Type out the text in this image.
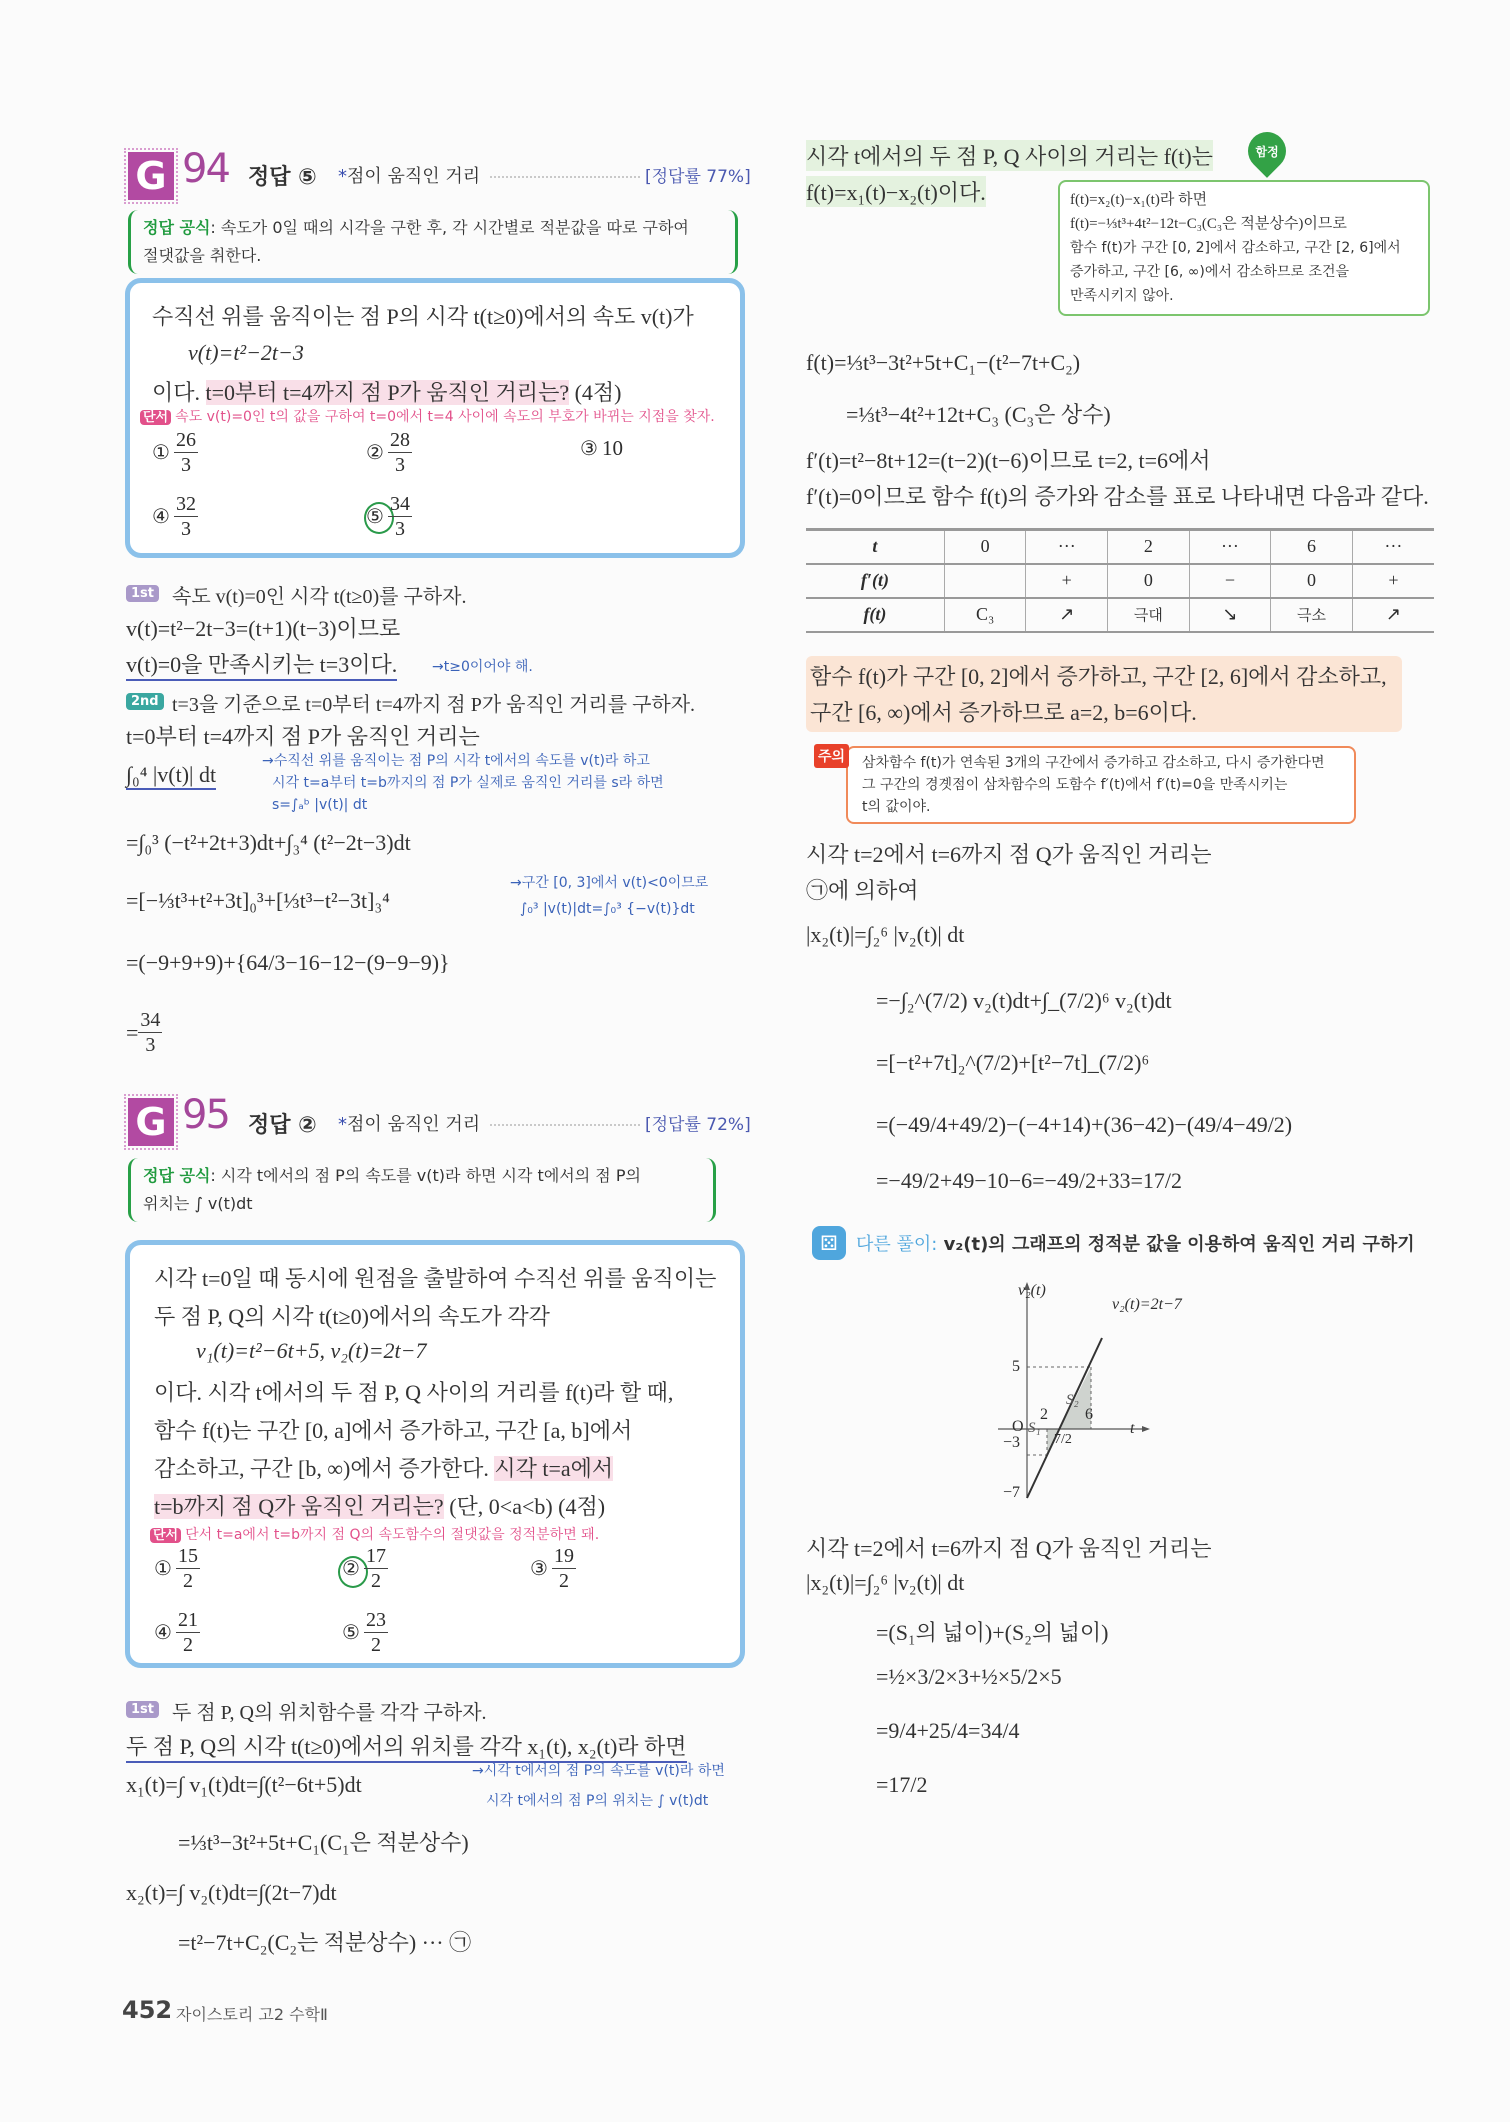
G 94 정답 ⑤ *점이 움직인 거리	[정답률 77%]
정답 공식: 속도가 0일 때의 시각을 구한 후, 각 시간별로 적분값을 따로 구하여
절댓값을 취한다.
수직선 위를 움직이는 점 P의 시각 t(t≥0)에서의 속도 v(t)가
v(t)=t²−2t−3
이다. t=0부터 t=4까지 점 P가 움직인 거리는? (4점)
단서 속도 v(t)=0인 t의 값을 구하여 t=0에서 t=4 사이에 속도의 부호가 바뀌는 지점을 찾자.
① $\frac{26}{3}$	② $\frac{28}{3}$	③ 10
④ $\frac{32}{3}$	⑤ $\frac{34}{3}$
1st 속도 v(t)=0인 시각 t(t≥0)를 구하자.
v(t)=t²−2t−3=(t+1)(t−3)이므로
v(t)=0을 만족시키는 t=3이다. →t≥0이어야 해.
2nd t=3을 기준으로 t=0부터 t=4까지 점 P가 움직인 거리를 구하자.
t=0부터 t=4까지 점 P가 움직인 거리는
∫₀⁴ |v(t)| dt
→수직선 위를 움직이는 점 P의 시각 t에서의 속도를 v(t)라 하고
시각 t=a부터 t=b까지의 점 P가 실제로 움직인 거리를 s라 하면
s=∫ₐᵇ |v(t)| dt
=∫₀³ (−t²+2t+3)dt+∫₃⁴ (t²−2t−3)dt
→구간 [0, 3]에서 v(t)<0이므로
∫₀³ |v(t)|dt=∫₀³ {−v(t)}dt
=[−⅓t³+t²+3t]₀³+[⅓t³−t²−3t]₃⁴
=(−9+9+9)+{64/3−16−12−(9−9−9)}
= $\frac{34}{3}$
G 95 정답 ② *점이 움직인 거리	[정답률 72%]
정답 공식: 시각 t에서의 점 P의 속도를 v(t)라 하면 시각 t에서의 점 P의
위치는 ∫ v(t)dt
시각 t=0일 때 동시에 원점을 출발하여 수직선 위를 움직이는
두 점 P, Q의 시각 t(t≥0)에서의 속도가 각각
v₁(t)=t²−6t+5, v₂(t)=2t−7
이다. 시각 t에서의 두 점 P, Q 사이의 거리를 f(t)라 할 때,
함수 f(t)는 구간 [0, a]에서 증가하고, 구간 [a, b]에서
감소하고, 구간 [b, ∞)에서 증가한다. 시각 t=a에서
t=b까지 점 Q가 움직인 거리는? (단, 0<a<b) (4점)
단서 단서 t=a에서 t=b까지 점 Q의 속도함수의 절댓값을 정적분하면 돼.
① $\frac{15}{2}$	② $\frac{17}{2}$	③ $\frac{19}{2}$
④ $\frac{21}{2}$	⑤ $\frac{23}{2}$
1st 두 점 P, Q의 위치함수를 각각 구하자.
두 점 P, Q의 시각 t(t≥0)에서의 위치를 각각 x₁(t), x₂(t)라 하면
x₁(t)=∫ v₁(t)dt=∫(t²−6t+5)dt
→시각 t에서의 점 P의 속도를 v(t)라 하면
시각 t에서의 점 P의 위치는 ∫ v(t)dt
=⅓t³−3t²+5t+C₁(C₁은 적분상수)
x₂(t)=∫ v₂(t)dt=∫(2t−7)dt
=t²−7t+C₂(C₂는 적분상수) ··· ㉠
시각 t에서의 두 점 P, Q 사이의 거리는 f(t)는
f(t)=x₁(t)−x₂(t)이다.
함정
f(t)=x₂(t)−x₁(t)라 하면
f(t)=−⅓t³+4t²−12t−C₃(C₃은 적분상수)이므로
함수 f(t)가 구간 [0, 2]에서 감소하고, 구간 [2, 6]에서
증가하고, 구간 [6, ∞)에서 감소하므로 조건을
만족시키지 않아.
f(t)=⅓t³−3t²+5t+C₁−(t²−7t+C₂)
=⅓t³−4t²+12t+C₃ (C₃은 상수)
f′(t)=t²−8t+12=(t−2)(t−6)이므로 t=2, t=6에서
f′(t)=0이므로 함수 f(t)의 증가와 감소를 표로 나타내면 다음과 같다.
t	0	···	2	···	6	···
f′(t)		+	0	−	0	+
f(t)	C₃	↗	극대	↘	극소	↗
함수 f(t)가 구간 [0, 2]에서 증가하고, 구간 [2, 6]에서 감소하고,
구간 [6, ∞)에서 증가하므로 a=2, b=6이다.
삼차함수 f(t)가 연속된 3개의 구간에서 증가하고 감소하고, 다시 증가한다면
그 구간의 경곗점이 삼차함수의 도함수 f′(t)에서 f′(t)=0을 만족시키는
t의 값이야.
주의
시각 t=2에서 t=6까지 점 Q가 움직인 거리는
㉠에 의하여
|x₂(t)|=∫₂⁶ |v₂(t)| dt
=−∫₂^(7/2) v₂(t)dt+∫_(7/2)⁶ v₂(t)dt
=[−t²+7t]₂^(7/2)+[t²−7t]_(7/2)⁶
=(−49/4+49/2)−(−4+14)+(36−42)−(49/4−49/2)
=−49/2+49−10−6=−49/2+33=17/2
⚄	다른 풀이: v₂(t)의 그래프의 정적분 값을 이용하여 움직인 거리 구하기
v₂(t)
v₂(t)=2t−7
5
−3
−7
O
2 6
7/2
t
S₁
S₂
시각 t=2에서 t=6까지 점 Q가 움직인 거리는
|x₂(t)|=∫₂⁶ |v₂(t)| dt
=(S₁의 넓이)+(S₂의 넓이)
=½×3/2×3+½×5/2×5
=9/4+25/4=34/4
=17/2
452 자이스토리 고2 수학Ⅱ
